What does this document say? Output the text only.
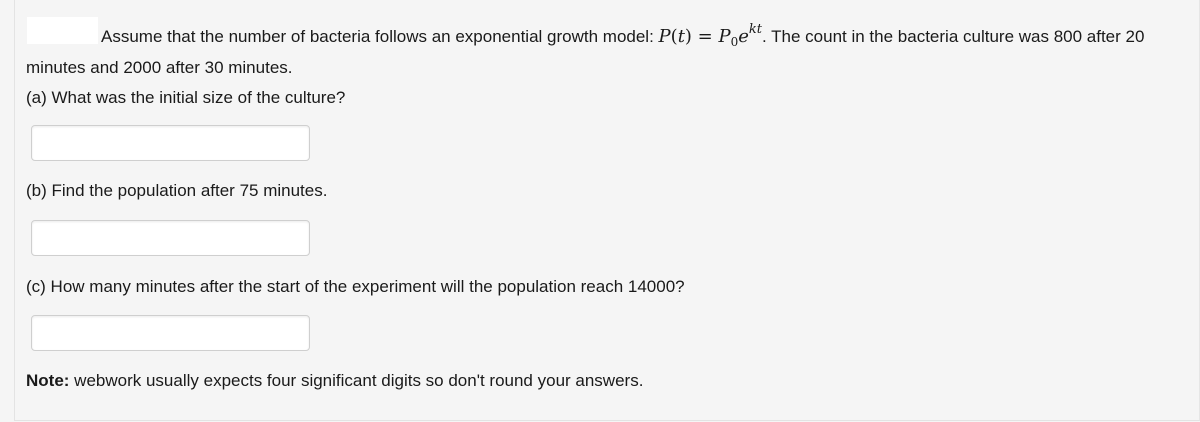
Assume that the number of bacteria follows an exponential growth model: $P(t) = P_0e^{kt}$. The count in the bacteria culture was 800 after 20 minutes and 2000 after 30 minutes.

(a) What was the initial size of the culture?

(b) Find the population after 75 minutes.

(c) How many minutes after the start of the experiment will the population reach 14000?

Note: webwork usually expects four significant digits so don't round your answers.
